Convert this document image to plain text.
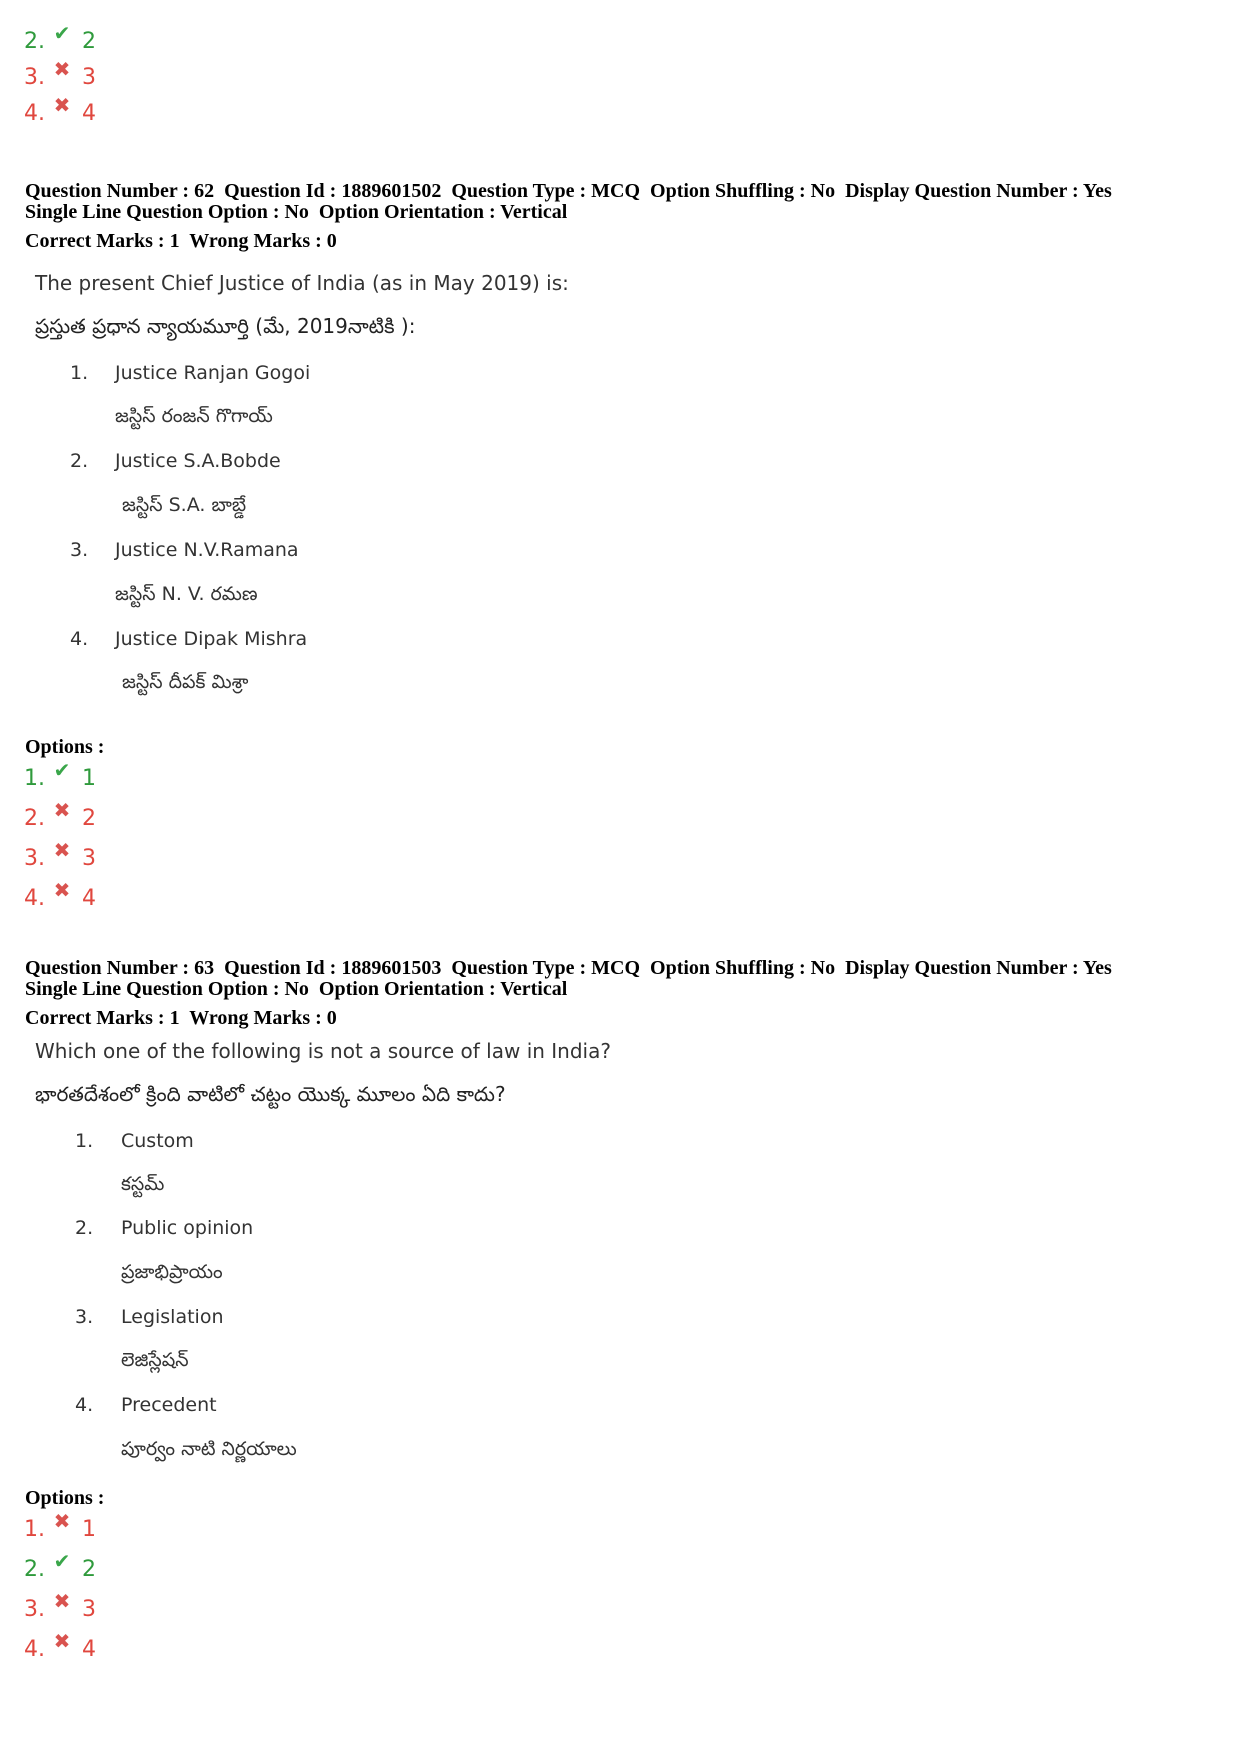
2. ✔ 2
3. ✖ 3
4. ✖ 4
Question Number : 62  Question Id : 1889601502  Question Type : MCQ  Option Shuffling : No  Display Question Number : Yes
Single Line Question Option : No  Option Orientation : Vertical
Correct Marks : 1  Wrong Marks : 0
The present Chief Justice of India (as in May 2019) is:
ప్రస్తుత ప్రధాన న్యాయమూర్తి (మే, 2019నాటికి ):
1. Justice Ranjan Gogoi
జస్టిస్ రంజన్ గొగాయ్
2. Justice S.A.Bobde
జస్టిస్ S.A. బాబ్డే
3. Justice N.V.Ramana
జస్టిస్ N. V. రమణ
4. Justice Dipak Mishra
జస్టిస్ దీపక్ మిశ్రా
Options :
1. ✔ 1
2. ✖ 2
3. ✖ 3
4. ✖ 4
Question Number : 63  Question Id : 1889601503  Question Type : MCQ  Option Shuffling : No  Display Question Number : Yes
Single Line Question Option : No  Option Orientation : Vertical
Correct Marks : 1  Wrong Marks : 0
Which one of the following is not a source of law in India?
భారతదేశంలో క్రింది వాటిలో చట్టం యొక్క మూలం ఏది కాదు?
1. Custom
కస్టమ్
2. Public opinion
ప్రజాభిప్రాయం
3. Legislation
లెజిస్లేషన్
4. Precedent
పూర్వం నాటి నిర్ణయాలు
Options :
1. ✖ 1
2. ✔ 2
3. ✖ 3
4. ✖ 4
